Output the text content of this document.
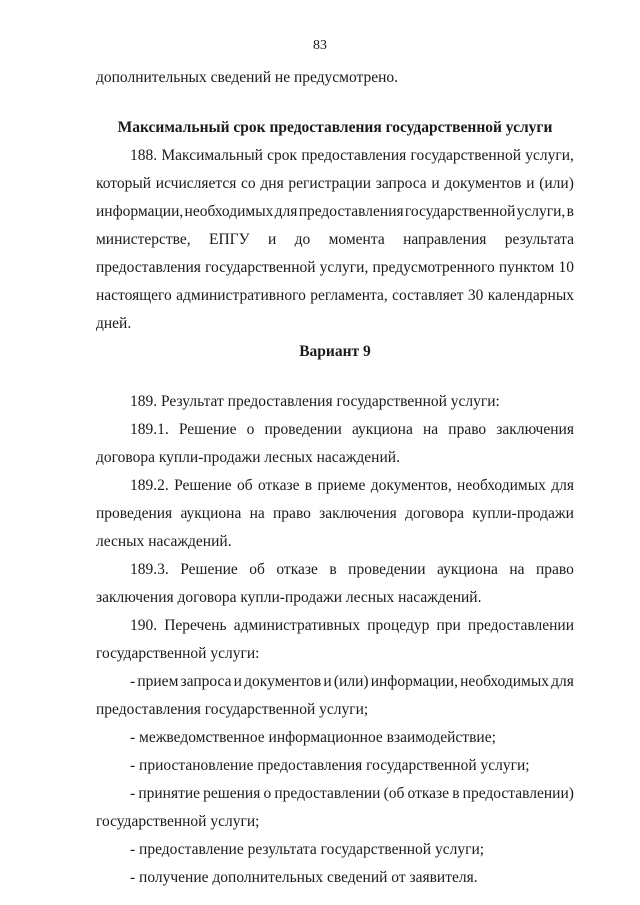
83
дополнительных сведений не предусмотрено.
Максимальный срок предоставления государственной услуги
188. Максимальный срок предоставления государственной услуги,
который исчисляется со дня регистрации запроса и документов и (или)
информации, необходимых для предоставления государственной услуги, в
министерстве, ЕПГУ и до момента направления результата
предоставления государственной услуги, предусмотренного пунктом 10
настоящего административного регламента, составляет 30 календарных
дней.
Вариант 9
189. Результат предоставления государственной услуги:
189.1. Решение о проведении аукциона на право заключения
договора купли-продажи лесных насаждений.
189.2. Решение об отказе в приеме документов, необходимых для
проведения аукциона на право заключения договора купли-продажи
лесных насаждений.
189.3. Решение об отказе в проведении аукциона на право
заключения договора купли-продажи лесных насаждений.
190. Перечень административных процедур при предоставлении
государственной услуги:
- прием запроса и документов и (или) информации, необходимых для
предоставления государственной услуги;
- межведомственное информационное взаимодействие;
- приостановление предоставления государственной услуги;
- принятие решения о предоставлении (об отказе в предоставлении)
государственной услуги;
- предоставление результата государственной услуги;
- получение дополнительных сведений от заявителя.
